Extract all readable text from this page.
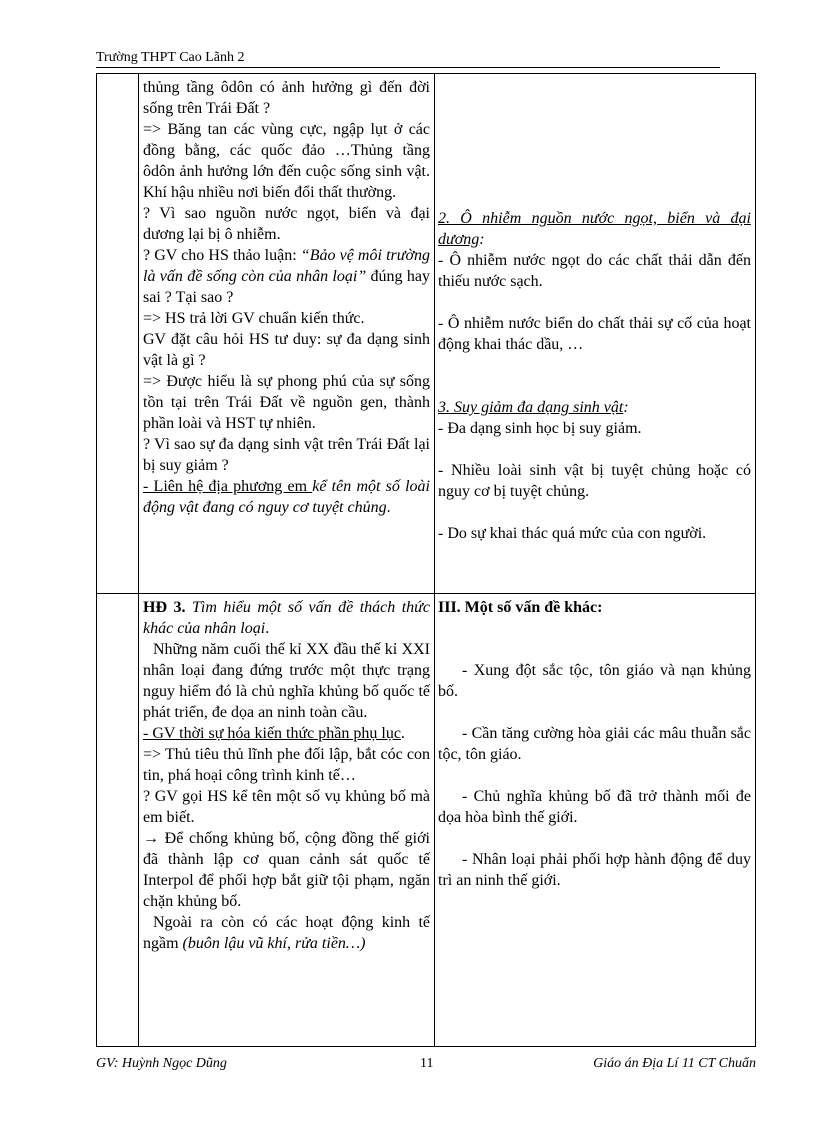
Trường THPT Cao Lãnh 2

thủng tầng ôdôn có ảnh hưởng gì đến đời sống trên Trái Đất ?

=> Băng tan các vùng cực, ngập lụt ở các đồng bằng, các quốc đảo …Thủng tầng ôdôn ảnh hưởng lớn đến cuộc sống sinh vật. Khí hậu nhiều nơi biến đổi thất thường.

? Vì sao nguồn nước ngọt, biển và đại dương lại bị ô nhiễm.

? GV cho HS thảo luận: “Bảo vệ môi trường là vấn đề sống còn của nhân loại” đúng hay sai ? Tại sao ?

=> HS trả lời GV chuẩn kiến thức.

GV đặt câu hỏi HS tư duy: sự đa dạng sinh vật là gì ?

=> Được hiểu là sự phong phú của sự sống tồn tại trên Trái Đất về nguồn gen, thành phần loài và HST tự nhiên.

? Vì sao sự đa dạng sinh vật trên Trái Đất lại bị suy giảm ?

- Liên hệ địa phương em kể tên một số loài động vật đang có nguy cơ tuyệt chủng.

2. Ô nhiễm nguồn nước ngọt, biển và đại dương:

- Ô nhiễm nước ngọt do các chất thải dẫn đến thiếu nước sạch.

- Ô nhiễm nước biển do chất thải sự cố của hoạt động khai thác dầu, …

3. Suy giảm đa dạng sinh vật:

- Đa dạng sinh học bị suy giảm.

- Nhiều loài sinh vật bị tuyệt chủng hoặc có nguy cơ bị tuyệt chủng.

- Do sự khai thác quá mức của con người.

HĐ 3. Tìm hiểu một số vấn đề thách thức khác của nhân loại.

Những năm cuối thế kỉ XX đầu thế kỉ XXI nhân loại đang đứng trước một thực trạng nguy hiểm đó là chủ nghĩa khủng bố quốc tế phát triển, đe dọa an ninh toàn cầu.

- GV thời sự hóa kiến thức phần phụ lục.

=> Thủ tiêu thủ lĩnh phe đối lập, bắt cóc con tin, phá hoại công trình kinh tế…

? GV gọi HS kể tên một số vụ khủng bố mà em biết.

→ Để chống khủng bố, cộng đồng thế giới đã thành lập cơ quan cảnh sát quốc tế Interpol để phối hợp bắt giữ tội phạm, ngăn chặn khủng bố.

Ngoài ra còn có các hoạt động kinh tế ngầm (buôn lậu vũ khí, rửa tiền…)

III. Một số vấn đề khác:

- Xung đột sắc tộc, tôn giáo và nạn khủng bố.

- Cần tăng cường hòa giải các mâu thuẫn sắc tộc, tôn giáo.

- Chủ nghĩa khủng bố đã trở thành mối đe dọa hòa bình thế giới.

- Nhân loại phải phối hợp hành động để duy trì an ninh thế giới.

GV: Huỳnh Ngọc Dũng	11	Giáo án Địa Lí 11 CT Chuẩn
